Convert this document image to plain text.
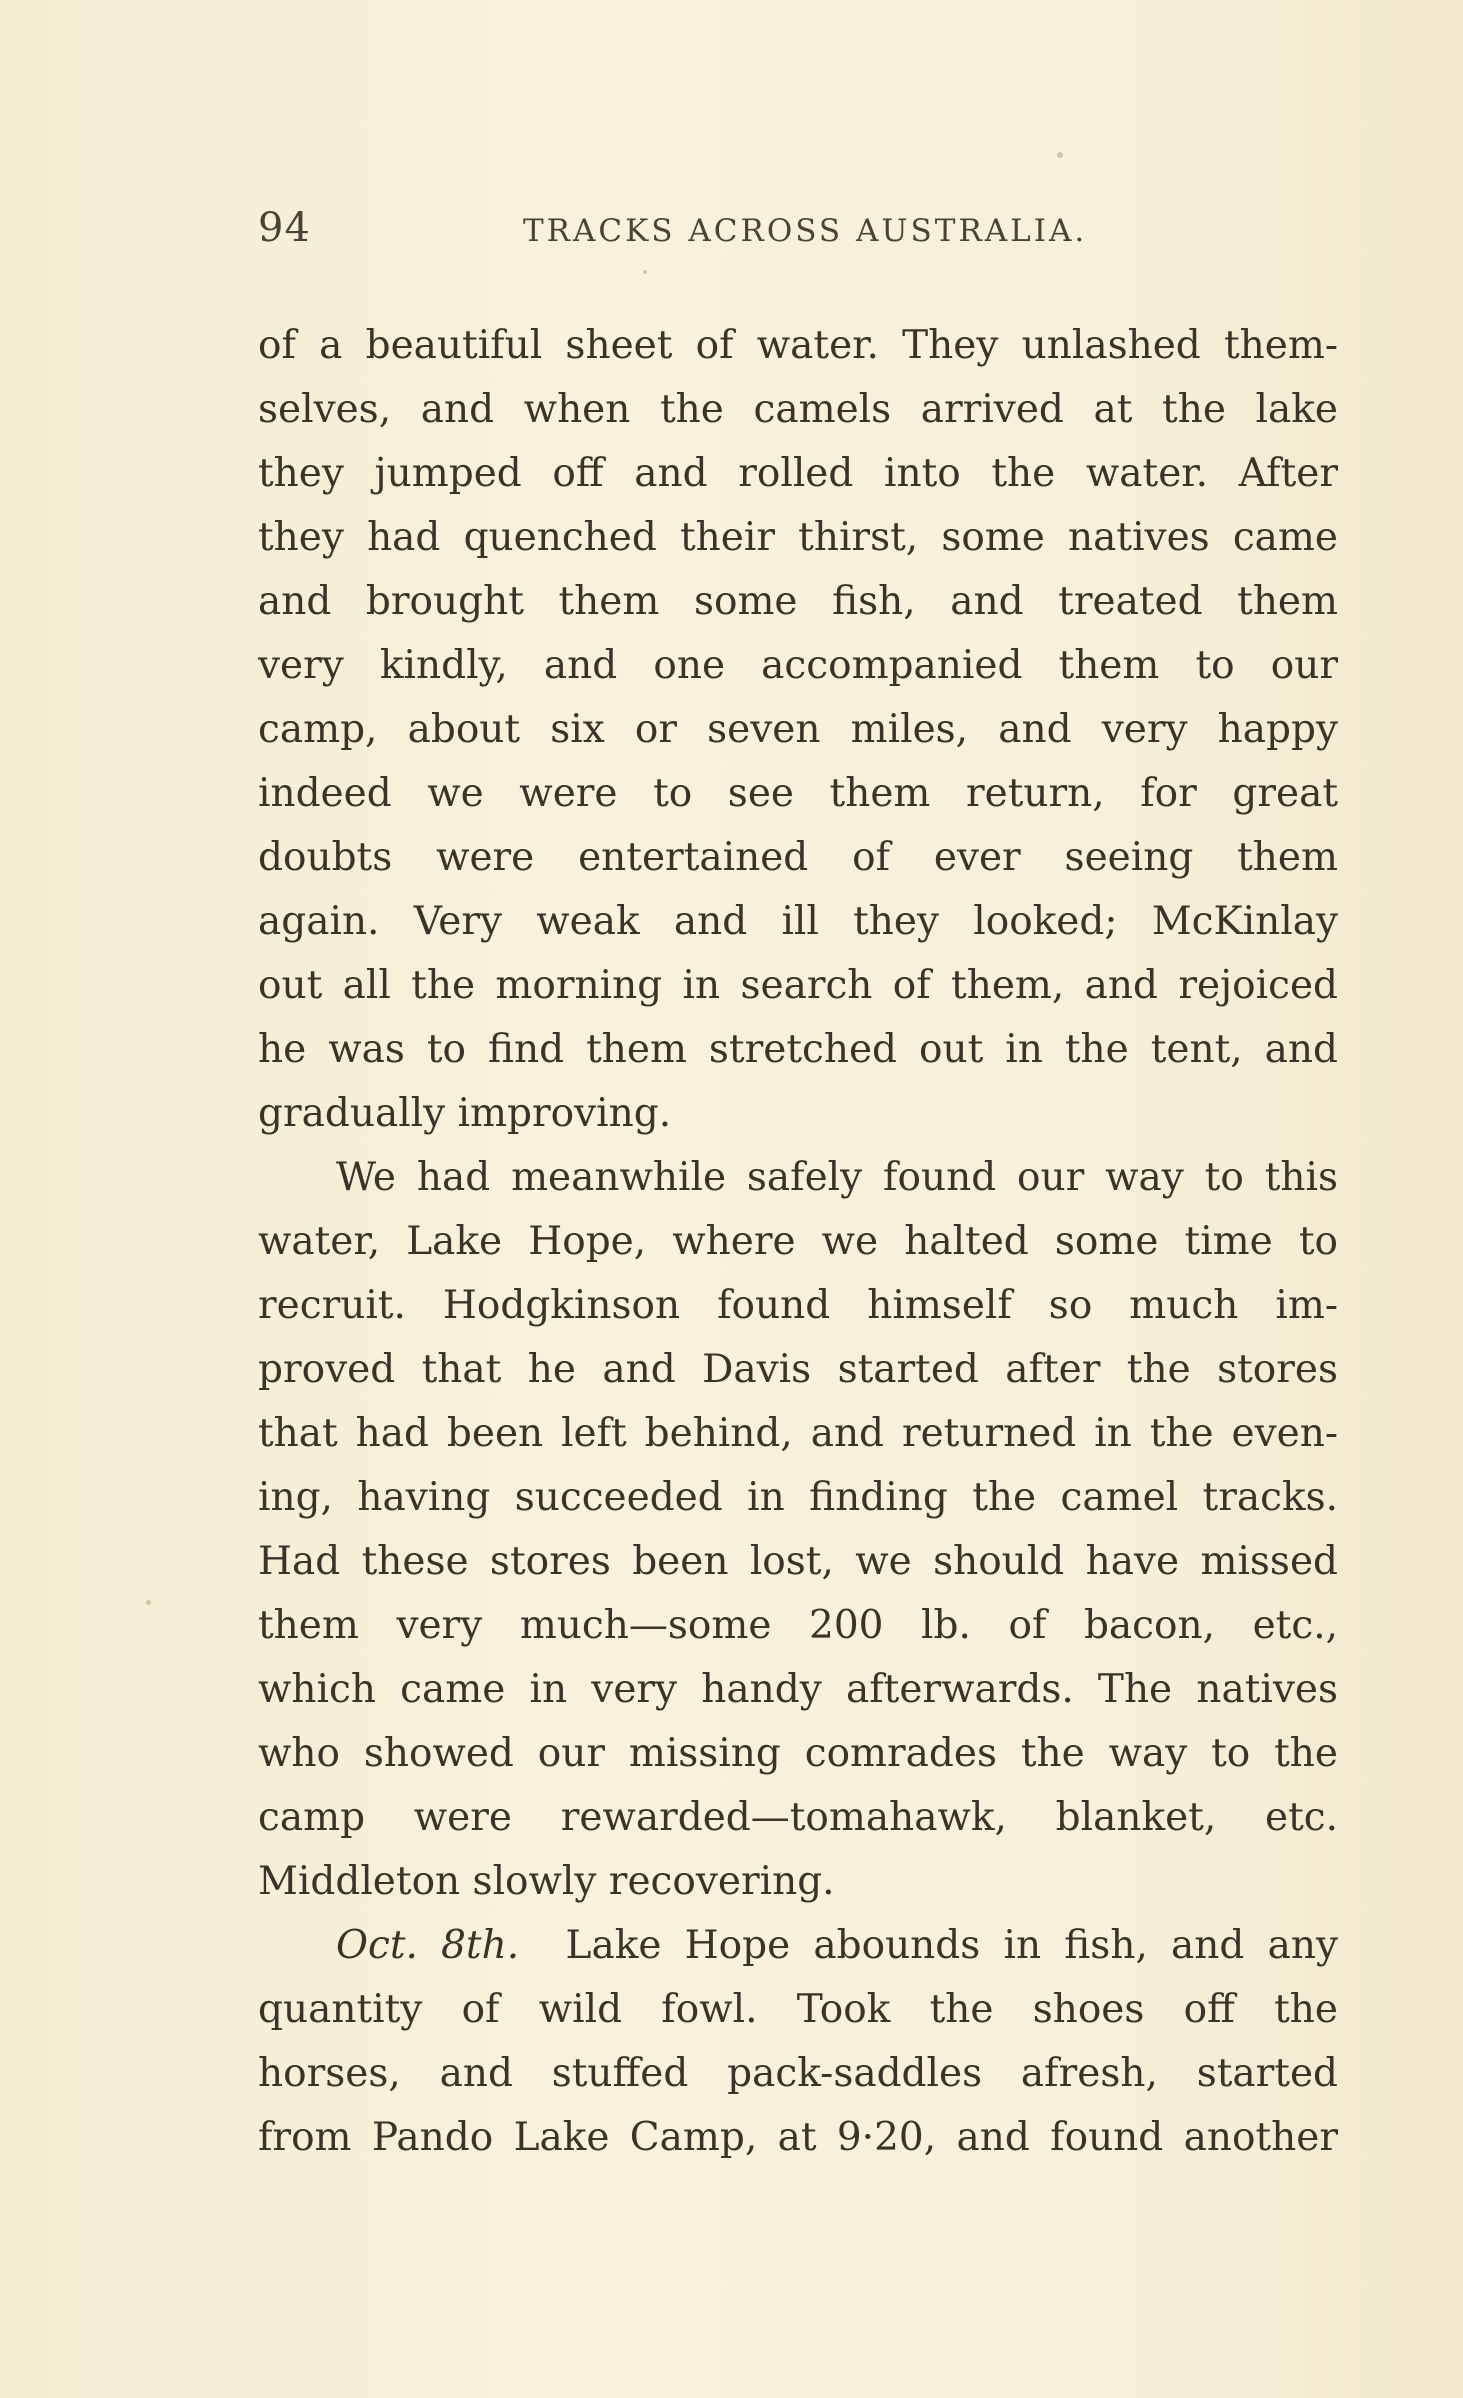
94	TRACKS ACROSS AUSTRALIA.
of a beautiful sheet of water. They unlashed them-
selves, and when the camels arrived at the lake
they jumped off and rolled into the water. After
they had quenched their thirst, some natives came
and brought them some fish, and treated them
very kindly, and one accompanied them to our
camp, about six or seven miles, and very happy
indeed we were to see them return, for great
doubts were entertained of ever seeing them
again. Very weak and ill they looked; McKinlay
out all the morning in search of them, and rejoiced
he was to find them stretched out in the tent, and
gradually improving.
We had meanwhile safely found our way to this
water, Lake Hope, where we halted some time to
recruit. Hodgkinson found himself so much im-
proved that he and Davis started after the stores
that had been left behind, and returned in the even-
ing, having succeeded in finding the camel tracks.
Had these stores been lost, we should have missed
them very much—some 200 lb. of bacon, etc.,
which came in very handy afterwards. The natives
who showed our missing comrades the way to the
camp were rewarded—tomahawk, blanket, etc.
Middleton slowly recovering.
Oct. 8th. Lake Hope abounds in fish, and any
quantity of wild fowl. Took the shoes off the
horses, and stuffed pack-saddles afresh, started
from Pando Lake Camp, at 9·20, and found another
